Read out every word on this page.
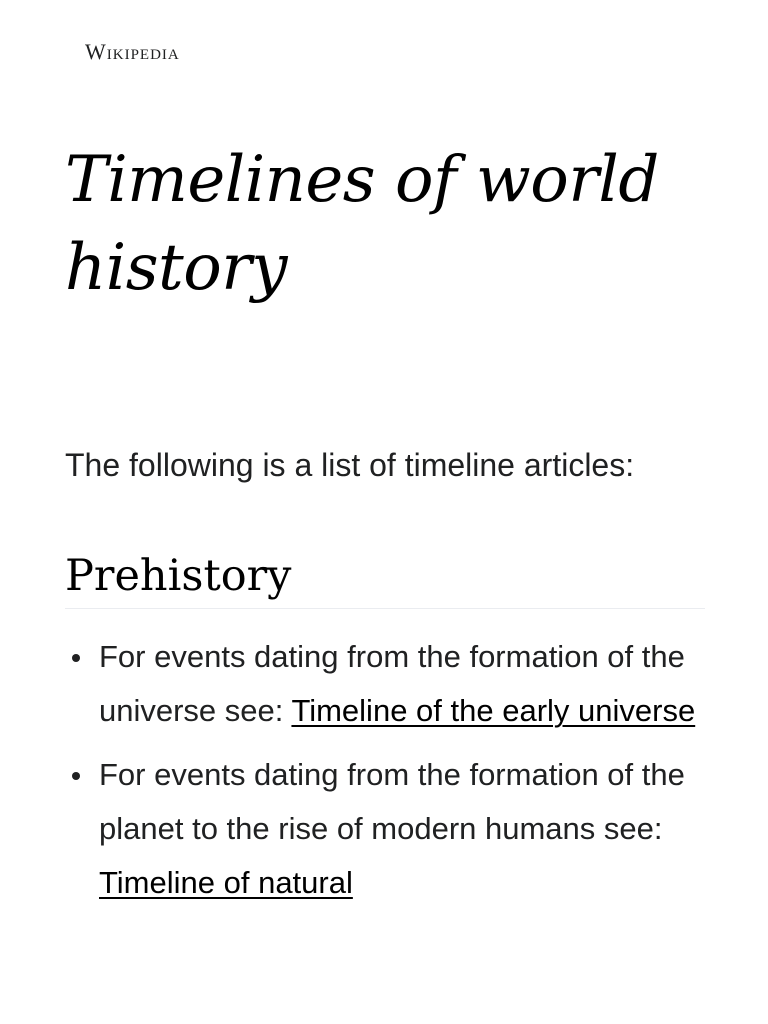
Wikipedia
Timelines of world history

The following is a list of timeline articles:

Prehistory
For events dating from the formation of the universe see: Timeline of the early universe
For events dating from the formation of the planet to the rise of modern humans see: Timeline of natural
